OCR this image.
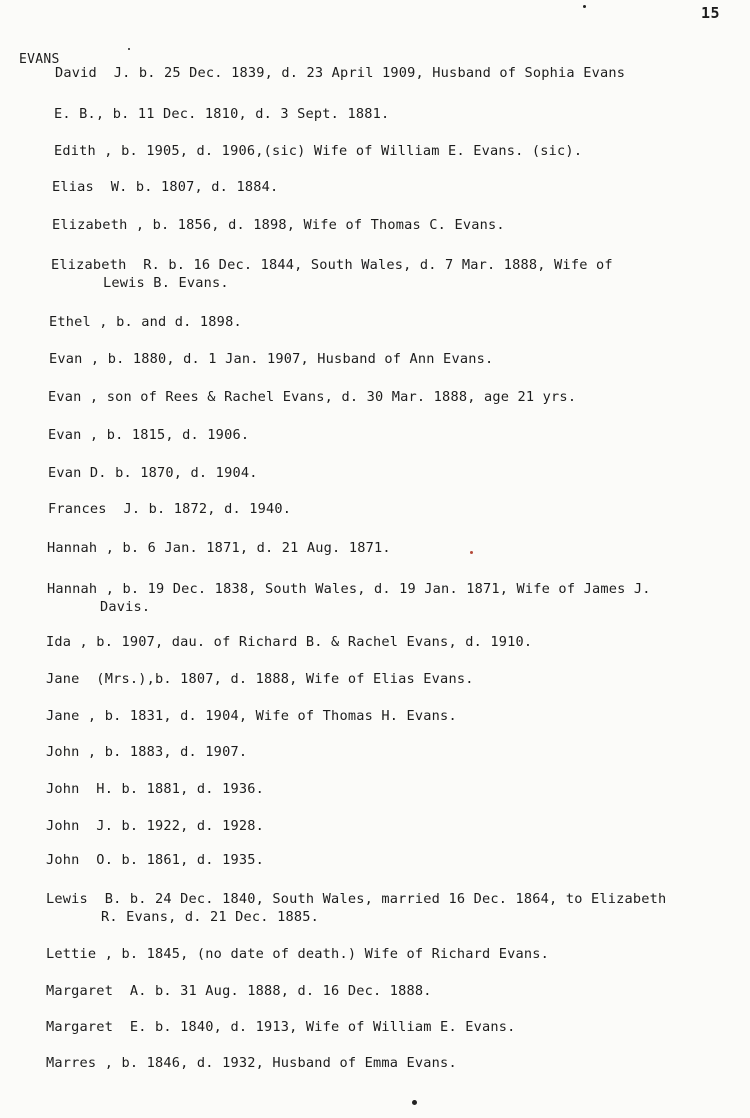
15
EVANS
David  J. b. 25 Dec. 1839, d. 23 April 1909, Husband of Sophia Evans
E. B., b. 11 Dec. 1810, d. 3 Sept. 1881.
Edith , b. 1905, d. 1906,(sic) Wife of William E. Evans. (sic).
Elias  W. b. 1807, d. 1884.
Elizabeth , b. 1856, d. 1898, Wife of Thomas C. Evans.
Elizabeth  R. b. 16 Dec. 1844, South Wales, d. 7 Mar. 1888, Wife of
Lewis B. Evans.
Ethel , b. and d. 1898.
Evan , b. 1880, d. 1 Jan. 1907, Husband of Ann Evans.
Evan , son of Rees & Rachel Evans, d. 30 Mar. 1888, age 21 yrs.
Evan , b. 1815, d. 1906.
Evan D. b. 1870, d. 1904.
Frances  J. b. 1872, d. 1940.
Hannah , b. 6 Jan. 1871, d. 21 Aug. 1871.
Hannah , b. 19 Dec. 1838, South Wales, d. 19 Jan. 1871, Wife of James J.
Davis.
Ida , b. 1907, dau. of Richard B. & Rachel Evans, d. 1910.
Jane  (Mrs.),b. 1807, d. 1888, Wife of Elias Evans.
Jane , b. 1831, d. 1904, Wife of Thomas H. Evans.
John , b. 1883, d. 1907.
John  H. b. 1881, d. 1936.
John  J. b. 1922, d. 1928.
John  O. b. 1861, d. 1935.
Lewis  B. b. 24 Dec. 1840, South Wales, married 16 Dec. 1864, to Elizabeth
R. Evans, d. 21 Dec. 1885.
Lettie , b. 1845, (no date of death.) Wife of Richard Evans.
Margaret  A. b. 31 Aug. 1888, d. 16 Dec. 1888.
Margaret  E. b. 1840, d. 1913, Wife of William E. Evans.
Marres , b. 1846, d. 1932, Husband of Emma Evans.
